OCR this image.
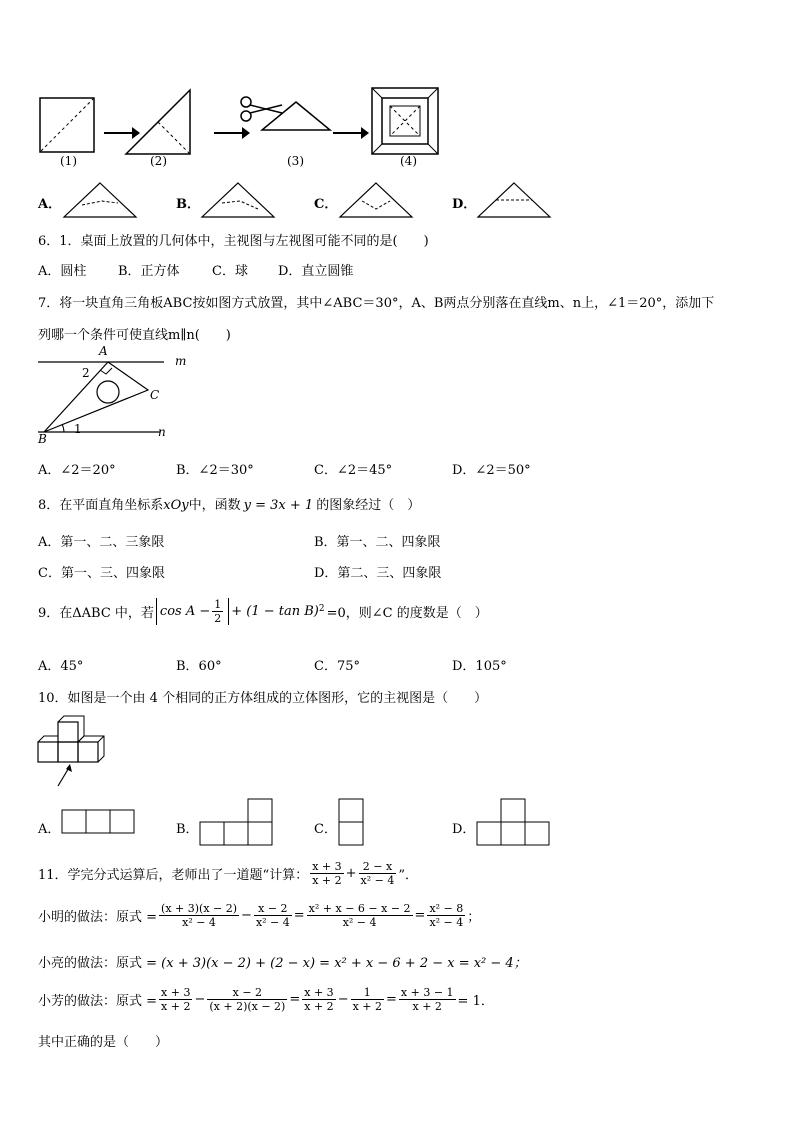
(1)	(2)	(3)	(4)
A．	B．	C．	D．
6．1．桌面上放置的几何体中，主视图与左视图可能不同的是(　　)
A．圆柱 B．正方体 C．球 D．直立圆锥
7．将一块直角三角板ABC按如图方式放置，其中∠ABC＝30°，A、B两点分别落在直线m、n上，∠1＝20°，添加下
列哪一个条件可使直线m∥n(　　)
A
m
2
C
1
B	n
A．∠2＝20°	B．∠2＝30°	C．∠2＝45°	D．∠2＝50°
8．在平面直角坐标系xOy中，函数 y = 3x + 1 的图象经过（　）
A．第一、二、三象限	B．第一、二、四象限
C．第一、三、四象限	D．第二、三、四象限
9．在ΔABC 中，若 $\cos A - \frac{1}{2} + (1 - \tan B)$ 2 =0，则∠C 的度数是（　）
A．45°	B．60°	C．75°	D．105°
10．如图是一个由 4 个相同的正方体组成的立体图形，它的主视图是（　　）
A．	B．	C．	D．
11．学完分式运算后，老师出了一道题“计算： $\frac{x + 3}{x + 2} + \frac{2 - x}{\text{x² − 4}}$ ”．
小明的做法：原式 = $\frac{(x + 3)(x - 2)}{\text{x² − 4}} - \frac{x - 2}{\text{x² − 4}} = \frac{\text{x² + x − 6 − x − 2}}{\text{x² − 4}} = \frac{\text{x² − 8}}{\text{x² − 4}}$ ；
小亮的做法：原式 = (x + 3)(x − 2) + (2 − x) = x² + x − 6 + 2 − x = x² − 4；
小芳的做法：原式 = $\frac{x + 3}{x + 2} - \frac{x - 2}{(x + 2)(x - 2)} = \frac{x + 3}{x + 2} - \frac{1}{x + 2} = \frac{x + 3 - 1}{x + 2} = 1$．
其中正确的是（　　）
